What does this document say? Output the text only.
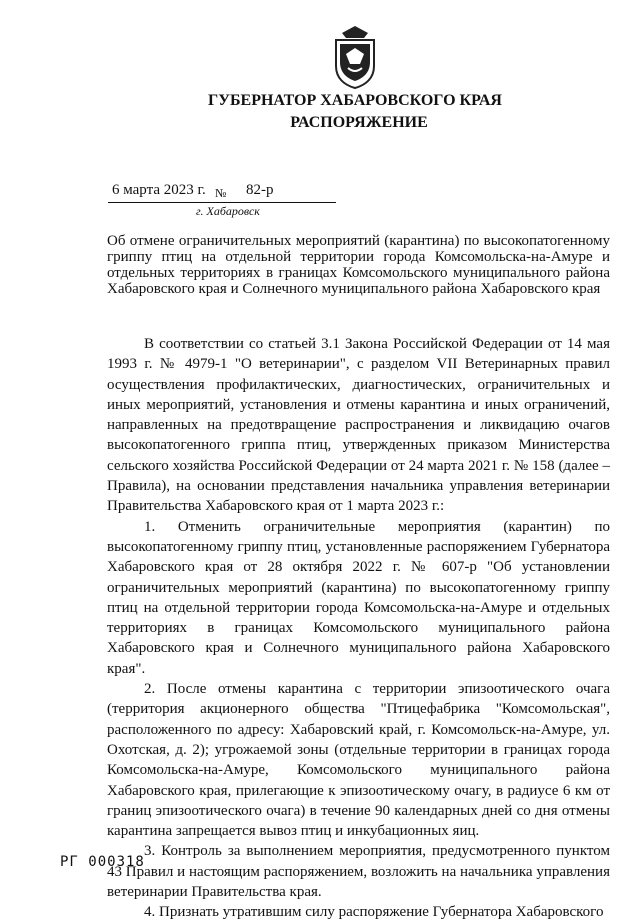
ГУБЕРНАТОР ХАБАРОВСКОГО КРАЯ
РАСПОРЯЖЕНИЕ
6 марта 2023 г. № 82-р
г. Хабаровск
Об отмене ограничительных мероприятий (карантина) по высокопатогенному гриппу птиц на отдельной территории города Комсомольска-на-Амуре и отдельных территориях в границах Комсомольского муниципального района Хабаровского края и Солнечного муниципального района Хабаровского края

В соответствии со статьей 3.1 Закона Российской Федерации от 14 мая 1993 г. № 4979-1 "О ветеринарии", с разделом VII Ветеринарных правил осуществления профилактических, диагностических, ограничительных и иных мероприятий, установления и отмены карантина и иных ограничений, направленных на предотвращение распространения и ликвидацию очагов высокопатогенного гриппа птиц, утвержденных приказом Министерства сельского хозяйства Российской Федерации от 24 марта 2021 г. № 158 (далее – Правила), на основании представления начальника управления ветеринарии Правительства Хабаровского края от 1 марта 2023 г.:

1. Отменить ограничительные мероприятия (карантин) по высокопатогенному гриппу птиц, установленные распоряжением Губернатора Хабаровского края от 28 октября 2022 г. № 607-р "Об установлении ограничительных мероприятий (карантина) по высокопатогенному гриппу птиц на отдельной территории города Комсомольска-на-Амуре и отдельных территориях в границах Комсомольского муниципального района Хабаровского края и Солнечного муниципального района Хабаровского края".

2. После отмены карантина с территории эпизоотического очага (территория акционерного общества "Птицефабрика "Комсомольская", расположенного по адресу: Хабаровский край, г. Комсомольск-на-Амуре, ул. Охотская, д. 2); угрожаемой зоны (отдельные территории в границах города Комсомольска-на-Амуре, Комсомольского муниципального района Хабаровского края, прилегающие к эпизоотическому очагу, в радиусе 6 км от границ эпизоотического очага) в течение 90 календарных дней со дня отмены карантина запрещается вывоз птиц и инкубационных яиц.

3. Контроль за выполнением мероприятия, предусмотренного пунктом 43 Правил и настоящим распоряжением, возложить на начальника управления ветеринарии Правительства края.

4. Признать утратившим силу распоряжение Губернатора Хабаровского

РГ 000318
